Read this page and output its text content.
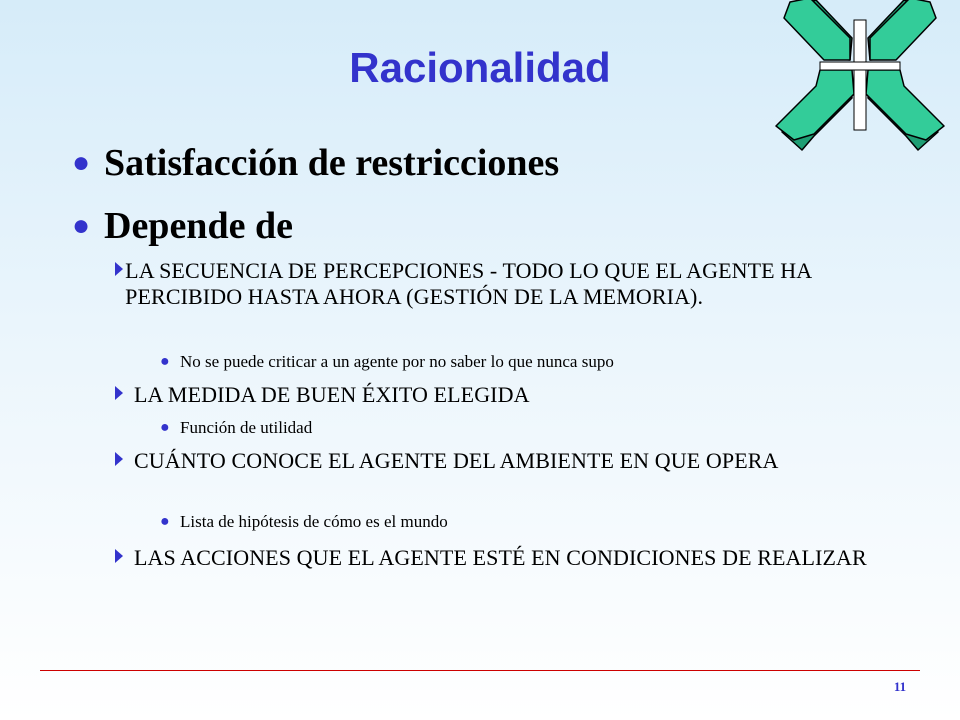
Racionalidad
● Satisfacción de restricciones
● Depende de
LA SECUENCIA DE PERCEPCIONES - TODO LO QUE EL AGENTE HA PERCIBIDO HASTA AHORA (GESTIÓN DE LA MEMORIA).
● No se puede criticar a un agente por no saber lo que nunca supo
LA MEDIDA DE BUEN ÉXITO ELEGIDA
● Función de utilidad
CUÁNTO CONOCE EL AGENTE DEL AMBIENTE EN QUE OPERA
● Lista de hipótesis de cómo es el mundo
LAS ACCIONES QUE EL AGENTE ESTÉ EN CONDICIONES DE REALIZAR
11
